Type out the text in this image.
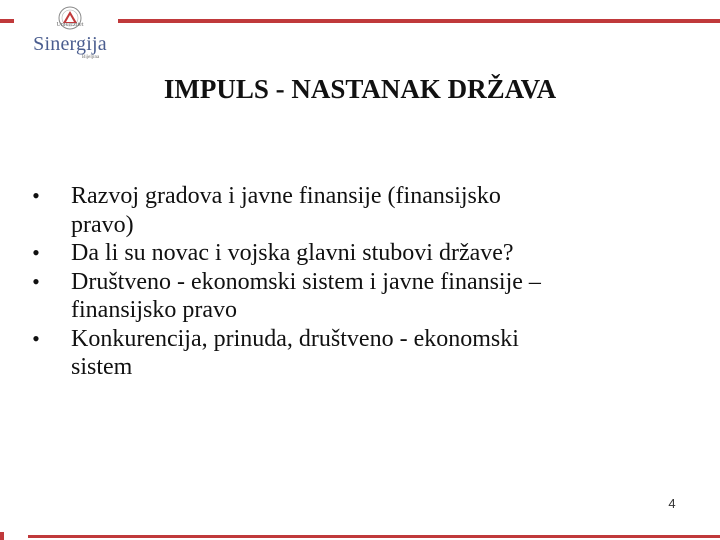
Univerzitet
Sinergija
Bijeljina
IMPULS - NASTANAK DRŽAVA
• Razvoj gradova i javne finansije (finansijsko
pravo)
• Da li su novac i vojska glavni stubovi države?
• Društveno - ekonomski sistem i javne finansije –
finansijsko pravo
• Konkurencija, prinuda, društveno - ekonomski
sistem
4
